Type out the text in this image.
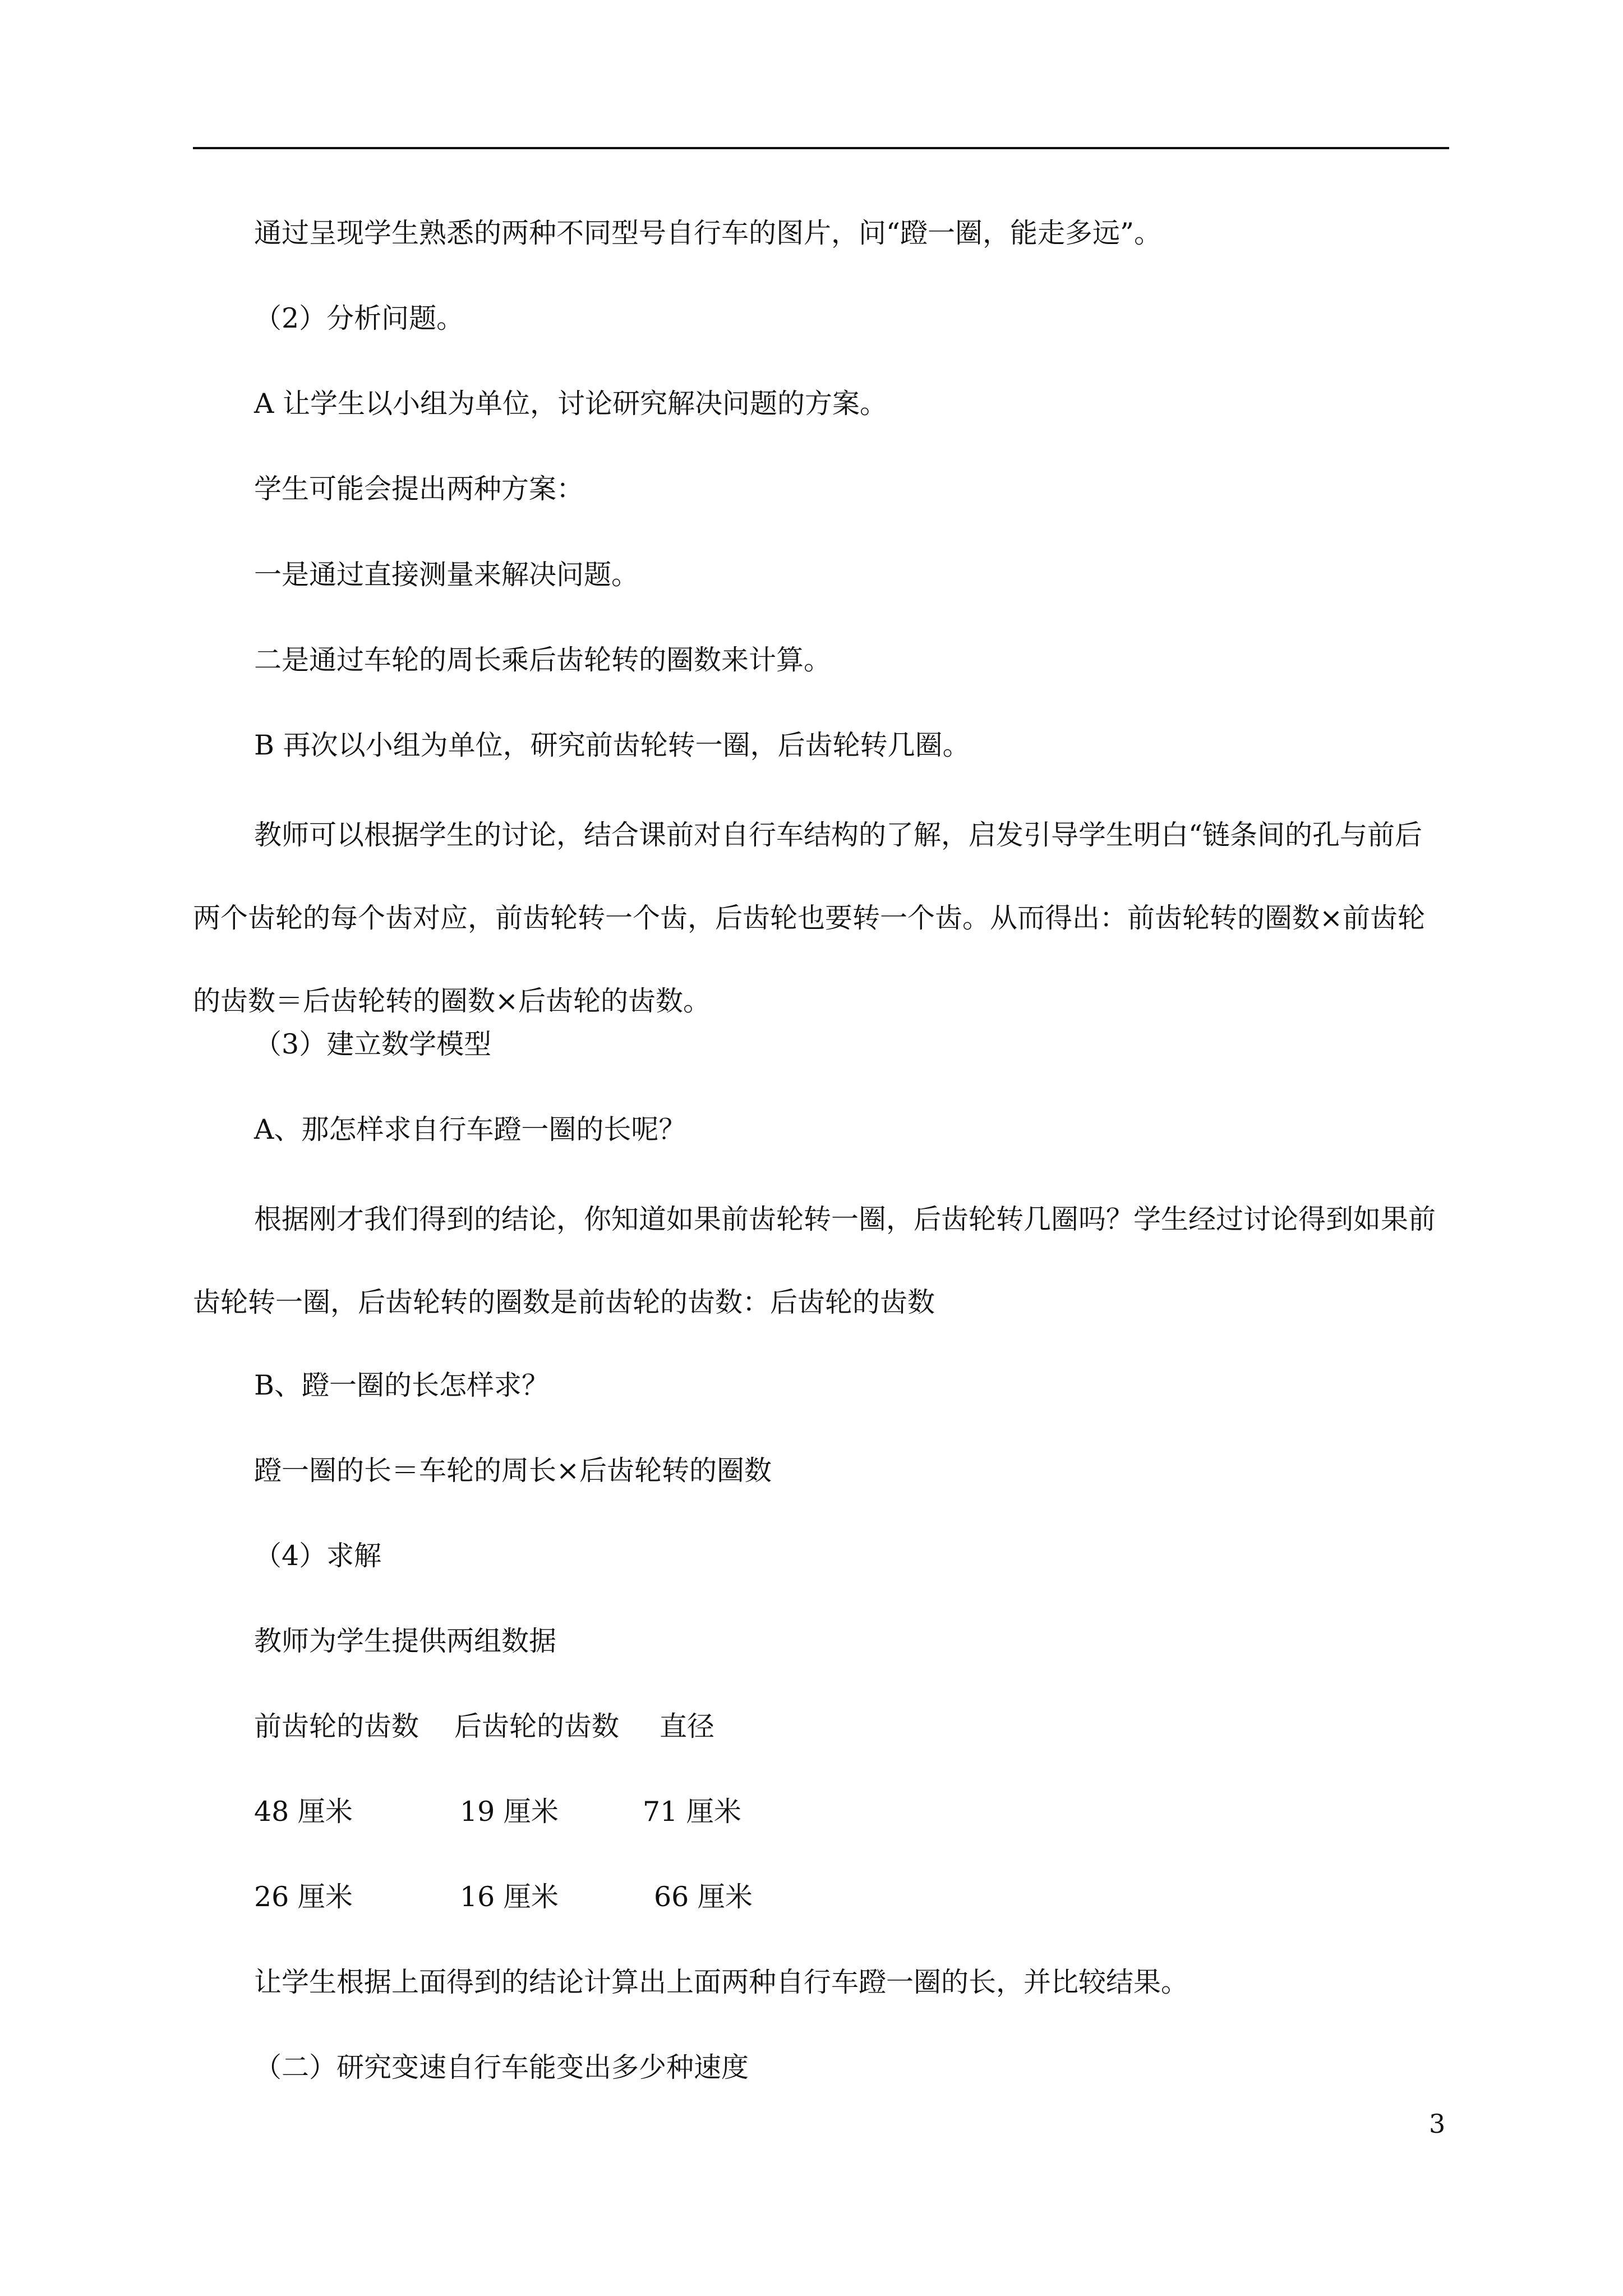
通过呈现学生熟悉的两种不同型号自行车的图片，问“蹬一圈，能走多远”。
（2）分析问题。
A 让学生以小组为单位，讨论研究解决问题的方案。
学生可能会提出两种方案：
一是通过直接测量来解决问题。
二是通过车轮的周长乘后齿轮转的圈数来计算。
B 再次以小组为单位，研究前齿轮转一圈，后齿轮转几圈。
教师可以根据学生的讨论，结合课前对自行车结构的了解，启发引导学生明白“链条间的孔与前后两个齿轮的每个齿对应，前齿轮转一个齿，后齿轮也要转一个齿。从而得出：前齿轮转的圈数×前齿轮的齿数＝后齿轮转的圈数×后齿轮的齿数。
（3）建立数学模型
A、那怎样求自行车蹬一圈的长呢？
根据刚才我们得到的结论，你知道如果前齿轮转一圈，后齿轮转几圈吗？学生经过讨论得到如果前齿轮转一圈，后齿轮转的圈数是前齿轮的齿数：后齿轮的齿数
B、蹬一圈的长怎样求？
蹬一圈的长＝车轮的周长×后齿轮转的圈数
（4）求解
教师为学生提供两组数据
前齿轮的齿数 后齿轮的齿数 直径
48 厘米	19 厘米	71 厘米
26 厘米	16 厘米	66 厘米
让学生根据上面得到的结论计算出上面两种自行车蹬一圈的长，并比较结果。
（二）研究变速自行车能变出多少种速度
3
